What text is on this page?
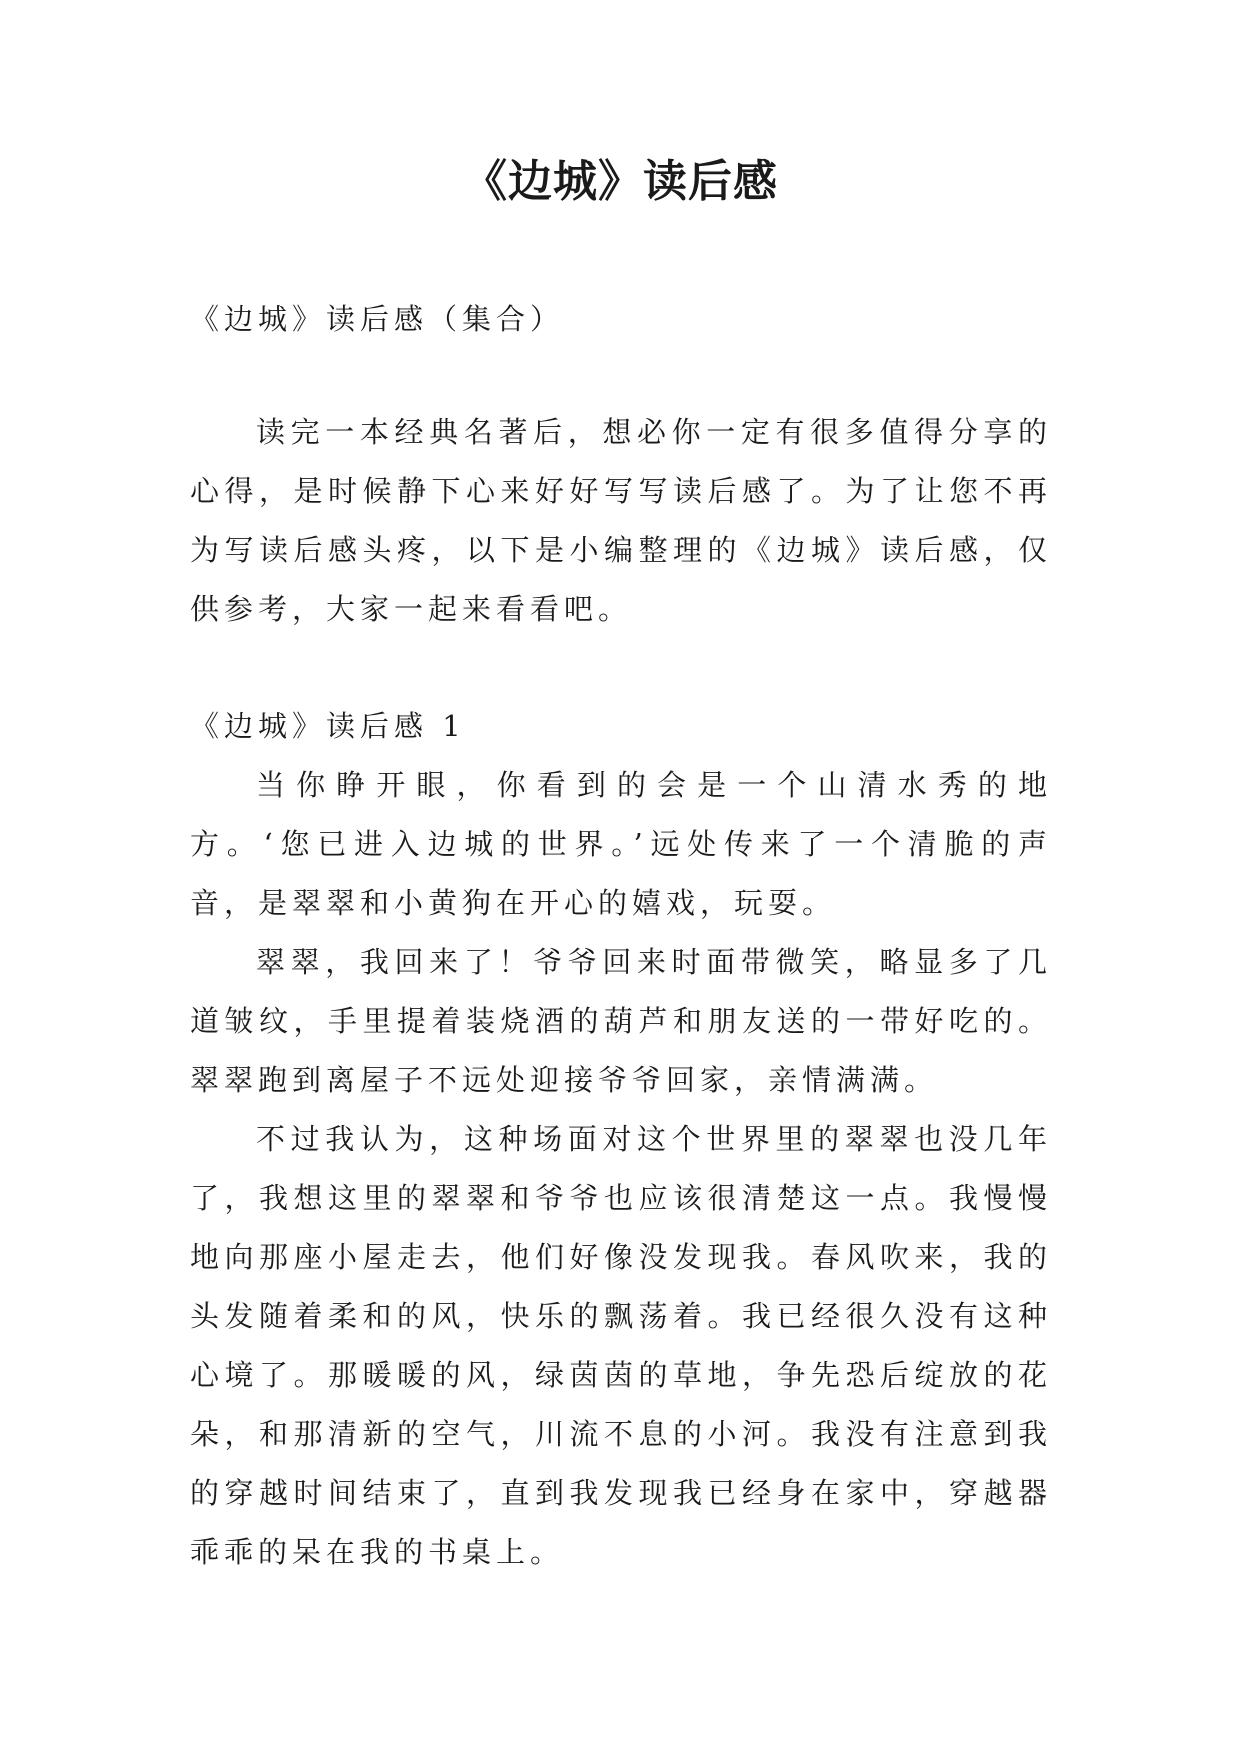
《边城》读后感

《边城》读后感（集合）

读完一本经典名著后，想必你一定有很多值得分享的心得，是时候静下心来好好写写读后感了。为了让您不再为写读后感头疼，以下是小编整理的《边城》读后感，仅供参考，大家一起来看看吧。

《边城》读后感 1

当你睁开眼，你看到的会是一个山清水秀的地方。‘您已进入边城的世界。’远处传来了一个清脆的声音，是翠翠和小黄狗在开心的嬉戏，玩耍。

翠翠，我回来了！爷爷回来时面带微笑，略显多了几道皱纹，手里提着装烧酒的葫芦和朋友送的一带好吃的。翠翠跑到离屋子不远处迎接爷爷回家，亲情满满。

不过我认为，这种场面对这个世界里的翠翠也没几年了，我想这里的翠翠和爷爷也应该很清楚这一点。我慢慢地向那座小屋走去，他们好像没发现我。春风吹来，我的头发随着柔和的风，快乐的飘荡着。我已经很久没有这种心境了。那暖暖的风，绿茵茵的草地，争先恐后绽放的花朵，和那清新的空气，川流不息的小河。我没有注意到我的穿越时间结束了，直到我发现我已经身在家中，穿越器乖乖的呆在我的书桌上。
